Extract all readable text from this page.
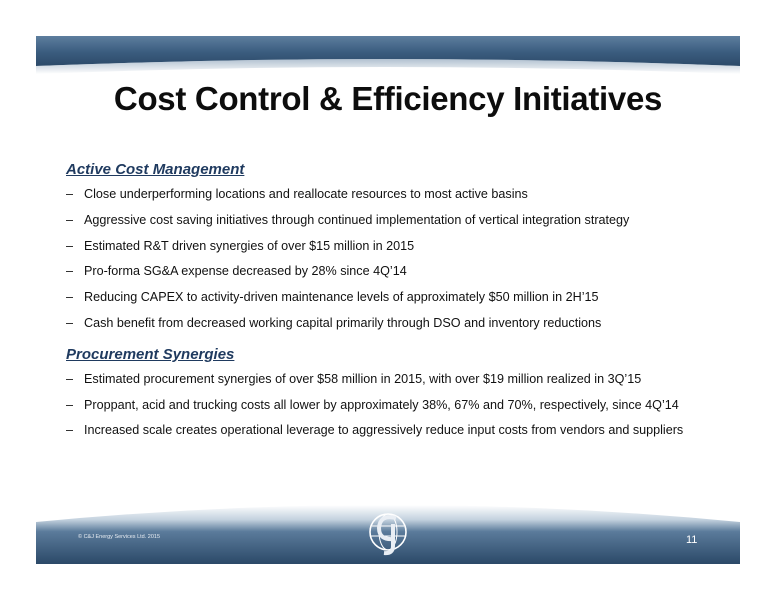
Cost Control & Efficiency Initiatives
Active Cost Management
– Close underperforming locations and reallocate resources to most active basins
– Aggressive cost saving initiatives through continued implementation of vertical integration strategy
– Estimated R&T driven synergies of over $15 million in 2015
– Pro-forma SG&A expense decreased by 28% since 4Q’14
– Reducing CAPEX to activity-driven maintenance levels of approximately $50 million in 2H’15
– Cash benefit from decreased working capital primarily through DSO and inventory reductions
Procurement Synergies
– Estimated procurement synergies of over $58 million in 2015, with over $19 million realized in 3Q’15
– Proppant, acid and trucking costs all lower by approximately 38%, 67% and 70%, respectively, since 4Q’14
– Increased scale creates operational leverage to aggressively reduce input costs from vendors and suppliers
© C&J Energy Services Ltd. 2015	11
